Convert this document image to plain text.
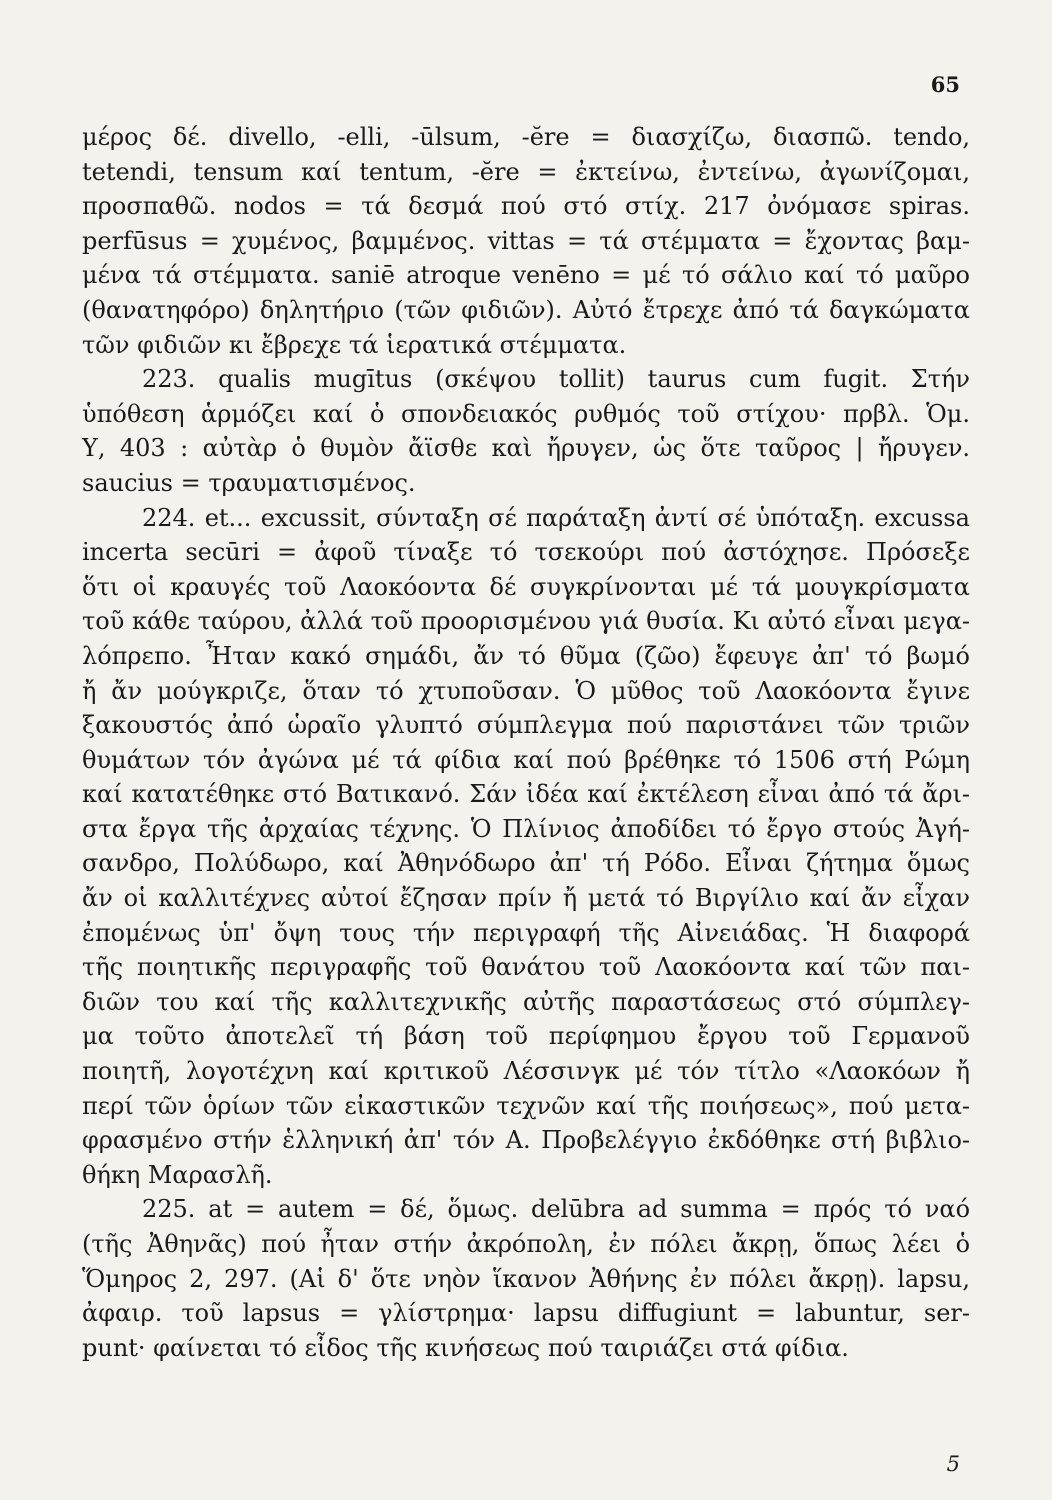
65
μέρος δέ. divello, -elli, -ūlsum, -ĕre = διασχίζω, διασπῶ. tendo,
tetendi, tensum καί tentum, -ĕre = ἐκτείνω, ἐντείνω, ἀγωνίζομαι,
προσπαθῶ. nodos = τά δεσμά πού στό στίχ. 217 ὀνόμασε spiras.
perfūsus = χυμένος, βαμμένος. vittas = τά στέμματα = ἔχοντας βαμ-
μένα τά στέμματα. saniē atroque venēno = μέ τό σάλιο καί τό μαῦρο
(θανατηφόρο) δηλητήριο (τῶν φιδιῶν). Αὐτό ἔτρεχε ἀπό τά δαγκώματα
τῶν φιδιῶν κι ἔβρεχε τά ἱερατικά στέμματα.
223. qualis mugītus (σκέψου tollit) taurus cum fugit. Στήν
ὑπόθεση ἁρμόζει καί ὁ σπονδειακός ρυθμός τοῦ στίχου· πρβλ. Ὁμ.
Υ, 403 : αὐτὰρ ὁ θυμὸν ἄϊσθε καὶ ἤρυγεν, ὡς ὅτε ταῦρος | ἤρυγεν.
saucius = τραυματισμένος.
224. et... excussit, σύνταξη σέ παράταξη ἀντί σέ ὑπόταξη. excussa
incerta secūri = ἀφοῦ τίναξε τό τσεκούρι πού ἀστόχησε. Πρόσεξε
ὅτι οἱ κραυγές τοῦ Λαοκόοντα δέ συγκρίνονται μέ τά μουγκρίσματα
τοῦ κάθε ταύρου, ἀλλά τοῦ προορισμένου γιά θυσία. Κι αὐτό εἶναι μεγα-
λόπρεπο. Ἦταν κακό σημάδι, ἄν τό θῦμα (ζῶο) ἔφευγε ἀπ' τό βωμό
ἤ ἄν μούγκριζε, ὅταν τό χτυποῦσαν. Ὁ μῦθος τοῦ Λαοκόοντα ἔγινε
ξακουστός ἀπό ὡραῖο γλυπτό σύμπλεγμα πού παριστάνει τῶν τριῶν
θυμάτων τόν ἀγώνα μέ τά φίδια καί πού βρέθηκε τό 1506 στή Ρώμη
καί κατατέθηκε στό Βατικανό. Σάν ἰδέα καί ἐκτέλεση εἶναι ἀπό τά ἄρι-
στα ἔργα τῆς ἀρχαίας τέχνης. Ὁ Πλίνιος ἀποδίδει τό ἔργο στούς Ἀγή-
σανδρο, Πολύδωρο, καί Ἀθηνόδωρο ἀπ' τή Ρόδο. Εἶναι ζήτημα ὅμως
ἄν οἱ καλλιτέχνες αὐτοί ἔζησαν πρίν ἤ μετά τό Βιργίλιο καί ἄν εἶχαν
ἐπομένως ὑπ' ὄψη τους τήν περιγραφή τῆς Αἰνειάδας. Ἡ διαφορά
τῆς ποιητικῆς περιγραφῆς τοῦ θανάτου τοῦ Λαοκόοντα καί τῶν παι-
διῶν του καί τῆς καλλιτεχνικῆς αὐτῆς παραστάσεως στό σύμπλεγ-
μα τοῦτο ἀποτελεῖ τή βάση τοῦ περίφημου ἔργου τοῦ Γερμανοῦ
ποιητῆ, λογοτέχνη καί κριτικοῦ Λέσσινγκ μέ τόν τίτλο «Λαοκόων ἤ
περί τῶν ὁρίων τῶν εἰκαστικῶν τεχνῶν καί τῆς ποιήσεως», πού μετα-
φρασμένο στήν ἑλληνική ἀπ' τόν Α. Προβελέγγιο ἐκδόθηκε στή βιβλιο-
θήκη Μαρασλῆ.
225. at = autem = δέ, ὅμως. delūbra ad summa = πρός τό ναό
(τῆς Ἀθηνᾶς) πού ἦταν στήν ἀκρόπολη, ἐν πόλει ἄκρῃ, ὅπως λέει ὁ
Ὅμηρος 2, 297. (Αἱ δ' ὅτε νηὸν ἵκανον Ἀθήνης ἐν πόλει ἄκρῃ). lapsu,
ἀφαιρ. τοῦ lapsus = γλίστρημα· lapsu diffugiunt = labuntur, ser-
punt· φαίνεται τό εἶδος τῆς κινήσεως πού ταιριάζει στά φίδια.
5
